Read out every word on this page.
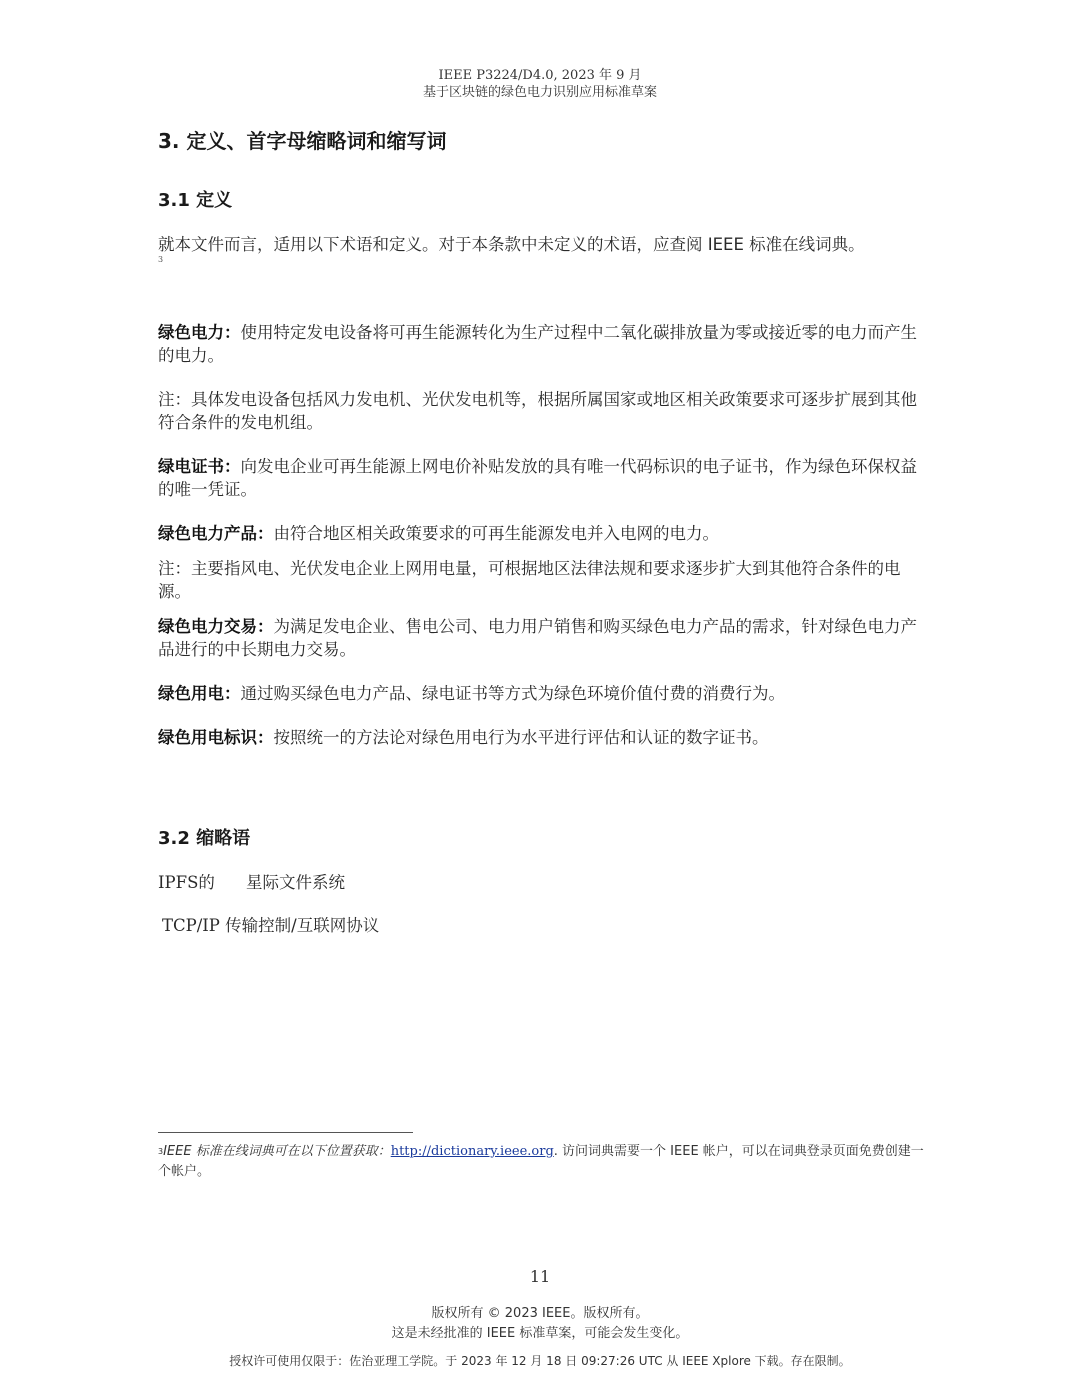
IEEE P3224/D4.0, 2023 年 9 月
基于区块链的绿色电力识别应用标准草案
3. 定义、首字母缩略词和缩写词
3.1 定义
就本文件而言，适用以下术语和定义。对于本条款中未定义的术语，应查阅 IEEE 标准在线词典。
3
绿色电力：使用特定发电设备将可再生能源转化为生产过程中二氧化碳排放量为零或接近零的电力而产生的电力。
注：具体发电设备包括风力发电机、光伏发电机等，根据所属国家或地区相关政策要求可逐步扩展到其他符合条件的发电机组。
绿电证书：向发电企业可再生能源上网电价补贴发放的具有唯一代码标识的电子证书，作为绿色环保权益的唯一凭证。
绿色电力产品：由符合地区相关政策要求的可再生能源发电并入电网的电力。
注：主要指风电、光伏发电企业上网用电量，可根据地区法律法规和要求逐步扩大到其他符合条件的电源。
绿色电力交易：为满足发电企业、售电公司、电力用户销售和购买绿色电力产品的需求，针对绿色电力产品进行的中长期电力交易。
绿色用电：通过购买绿色电力产品、绿电证书等方式为绿色环境价值付费的消费行为。
绿色用电标识：按照统一的方法论对绿色用电行为水平进行评估和认证的数字证书。
3.2 缩略语
IPFS的 星际文件系统
TCP/IP 传输控制/互联网协议
$^3$IEEE 标准在线词典可在以下位置获取：http://dictionary.ieee.org. 访问词典需要一个 IEEE 帐户，可以在词典登录页面免费创建一个帐户。
11
版权所有 © 2023 IEEE。版权所有。
这是未经批准的 IEEE 标准草案，可能会发生变化。
授权许可使用仅限于：佐治亚理工学院。于 2023 年 12 月 18 日 09:27:26 UTC 从 IEEE Xplore 下载。存在限制。
